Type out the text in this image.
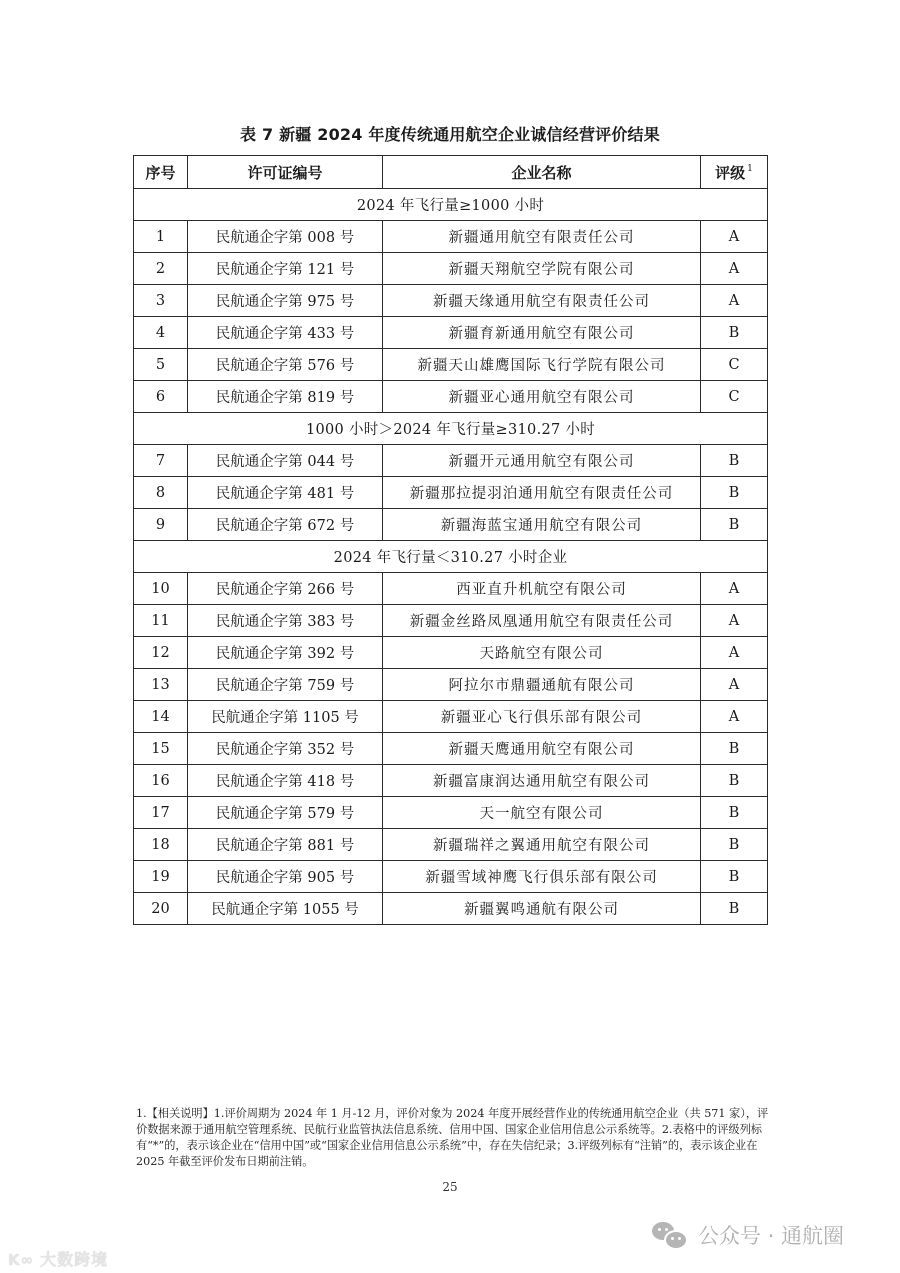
表 7 新疆 2024 年度传统通用航空企业诚信经营评价结果
序号	许可证编号	企业名称	评级 $^1$
2024 年飞行量≥1000 小时			
1	民航通企字第 008 号	新疆通用航空有限责任公司	A
2	民航通企字第 121 号	新疆天翔航空学院有限公司	A
3	民航通企字第 975 号	新疆天缘通用航空有限责任公司	A
4	民航通企字第 433 号	新疆育新通用航空有限公司	B
5	民航通企字第 576 号	新疆天山雄鹰国际飞行学院有限公司	C
6	民航通企字第 819 号	新疆亚心通用航空有限公司	C
1000 小时＞2024 年飞行量≥310.27 小时			
7	民航通企字第 044 号	新疆开元通用航空有限公司	B
8	民航通企字第 481 号	新疆那拉提羽泊通用航空有限责任公司	B
9	民航通企字第 672 号	新疆海蓝宝通用航空有限公司	B
2024 年飞行量＜310.27 小时企业			
10	民航通企字第 266 号	西亚直升机航空有限公司	A
11	民航通企字第 383 号	新疆金丝路凤凰通用航空有限责任公司	A
12	民航通企字第 392 号	天路航空有限公司	A
13	民航通企字第 759 号	阿拉尔市鼎疆通航有限公司	A
14	民航通企字第 1105 号	新疆亚心飞行俱乐部有限公司	A
15	民航通企字第 352 号	新疆天鹰通用航空有限公司	B
16	民航通企字第 418 号	新疆富康润达通用航空有限公司	B
17	民航通企字第 579 号	天一航空有限公司	B
18	民航通企字第 881 号	新疆瑞祥之翼通用航空有限公司	B
19	民航通企字第 905 号	新疆雪域神鹰飞行俱乐部有限公司	B
20	民航通企字第 1055 号	新疆翼鸣通航有限公司	B
1.【相关说明】1.评价周期为 2024 年 1 月-12 月，评价对象为 2024 年度开展经营作业的传统通用航空企业（共 571 家），评价数据来源于通用航空管理系统、民航行业监管执法信息系统、信用中国、国家企业信用信息公示系统等。2.表格中的评级列标有“*”的，表示该企业在“信用中国”或“国家企业信用信息公示系统”中，存在失信纪录；3.评级列标有“注销”的，表示该企业在 2025 年截至评价发布日期前注销。
25
K∞ 大数跨境
公众号 · 通航圈
